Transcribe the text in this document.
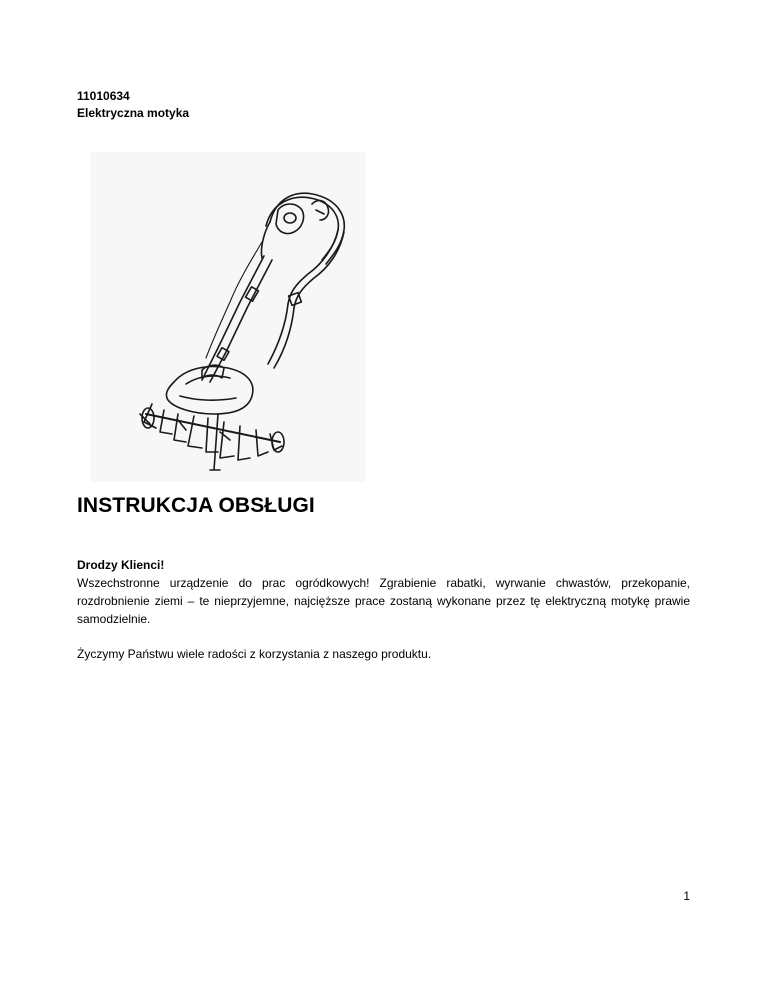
11010634
Elektryczna motyka
INSTRUKCJA OBSŁUGI
Drodzy Klienci!

Wszechstronne urządzenie do prac ogródkowych! Zgrabienie rabatki, wyrwanie chwastów, przekopanie, rozdrobnienie ziemi – te nieprzyjemne, najcięższe prace zostaną wykonane przez tę elektryczną motykę prawie samodzielnie.

Życzymy Państwu wiele radości z korzystania z naszego produktu.
1
